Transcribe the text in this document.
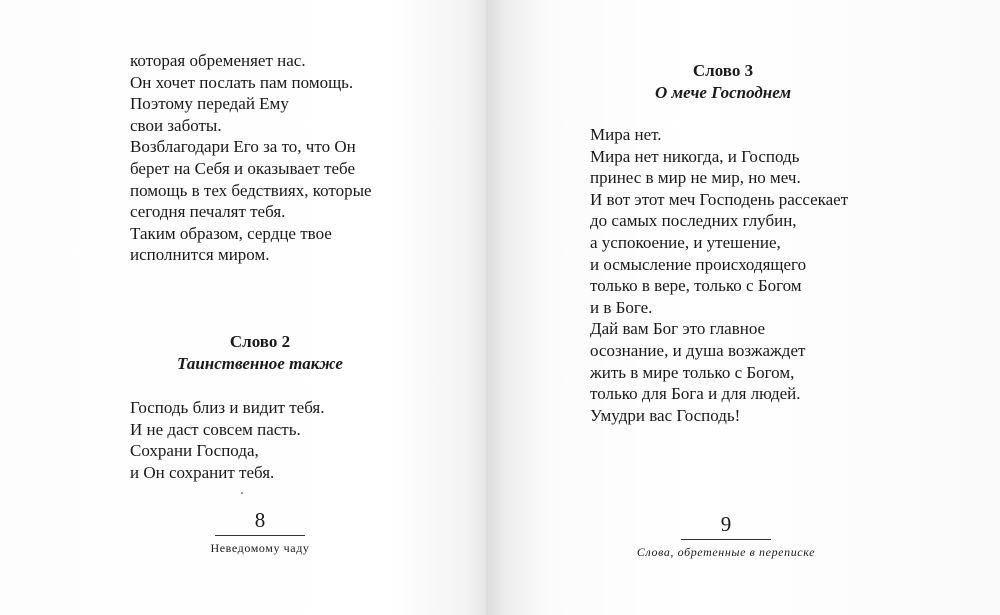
которая обременяет нас.
Он хочет послать пам помощь.
Поэтому передай Ему
свои заботы.
Возблагодари Его за то, что Он
берет на Себя и оказывает тебе
помощь в тех бедствиях, которые
сегодня печалят тебя.
Таким образом, сердце твое
исполнится миром.
Слово 2
Таинственное также
Господь близ и видит тебя.
И не даст совсем пасть.
Сохрани Господа,
и Он сохранит тебя.
8
Неведомому чаду
Слово 3
О мече Господнем
Мира нет.
Мира нет никогда, и Господь
принес в мир не мир, но меч.
И вот этот меч Господень рассекает
до самых последних глубин,
а успокоение, и утешение,
и осмысление происходящего
только в вере, только с Богом
и в Боге.
Дай вам Бог это главное
осознание, и душа возжаждет
жить в мире только с Богом,
только для Бога и для людей.
Умудри вас Господь!
9
Слова, обретенные в переписке
